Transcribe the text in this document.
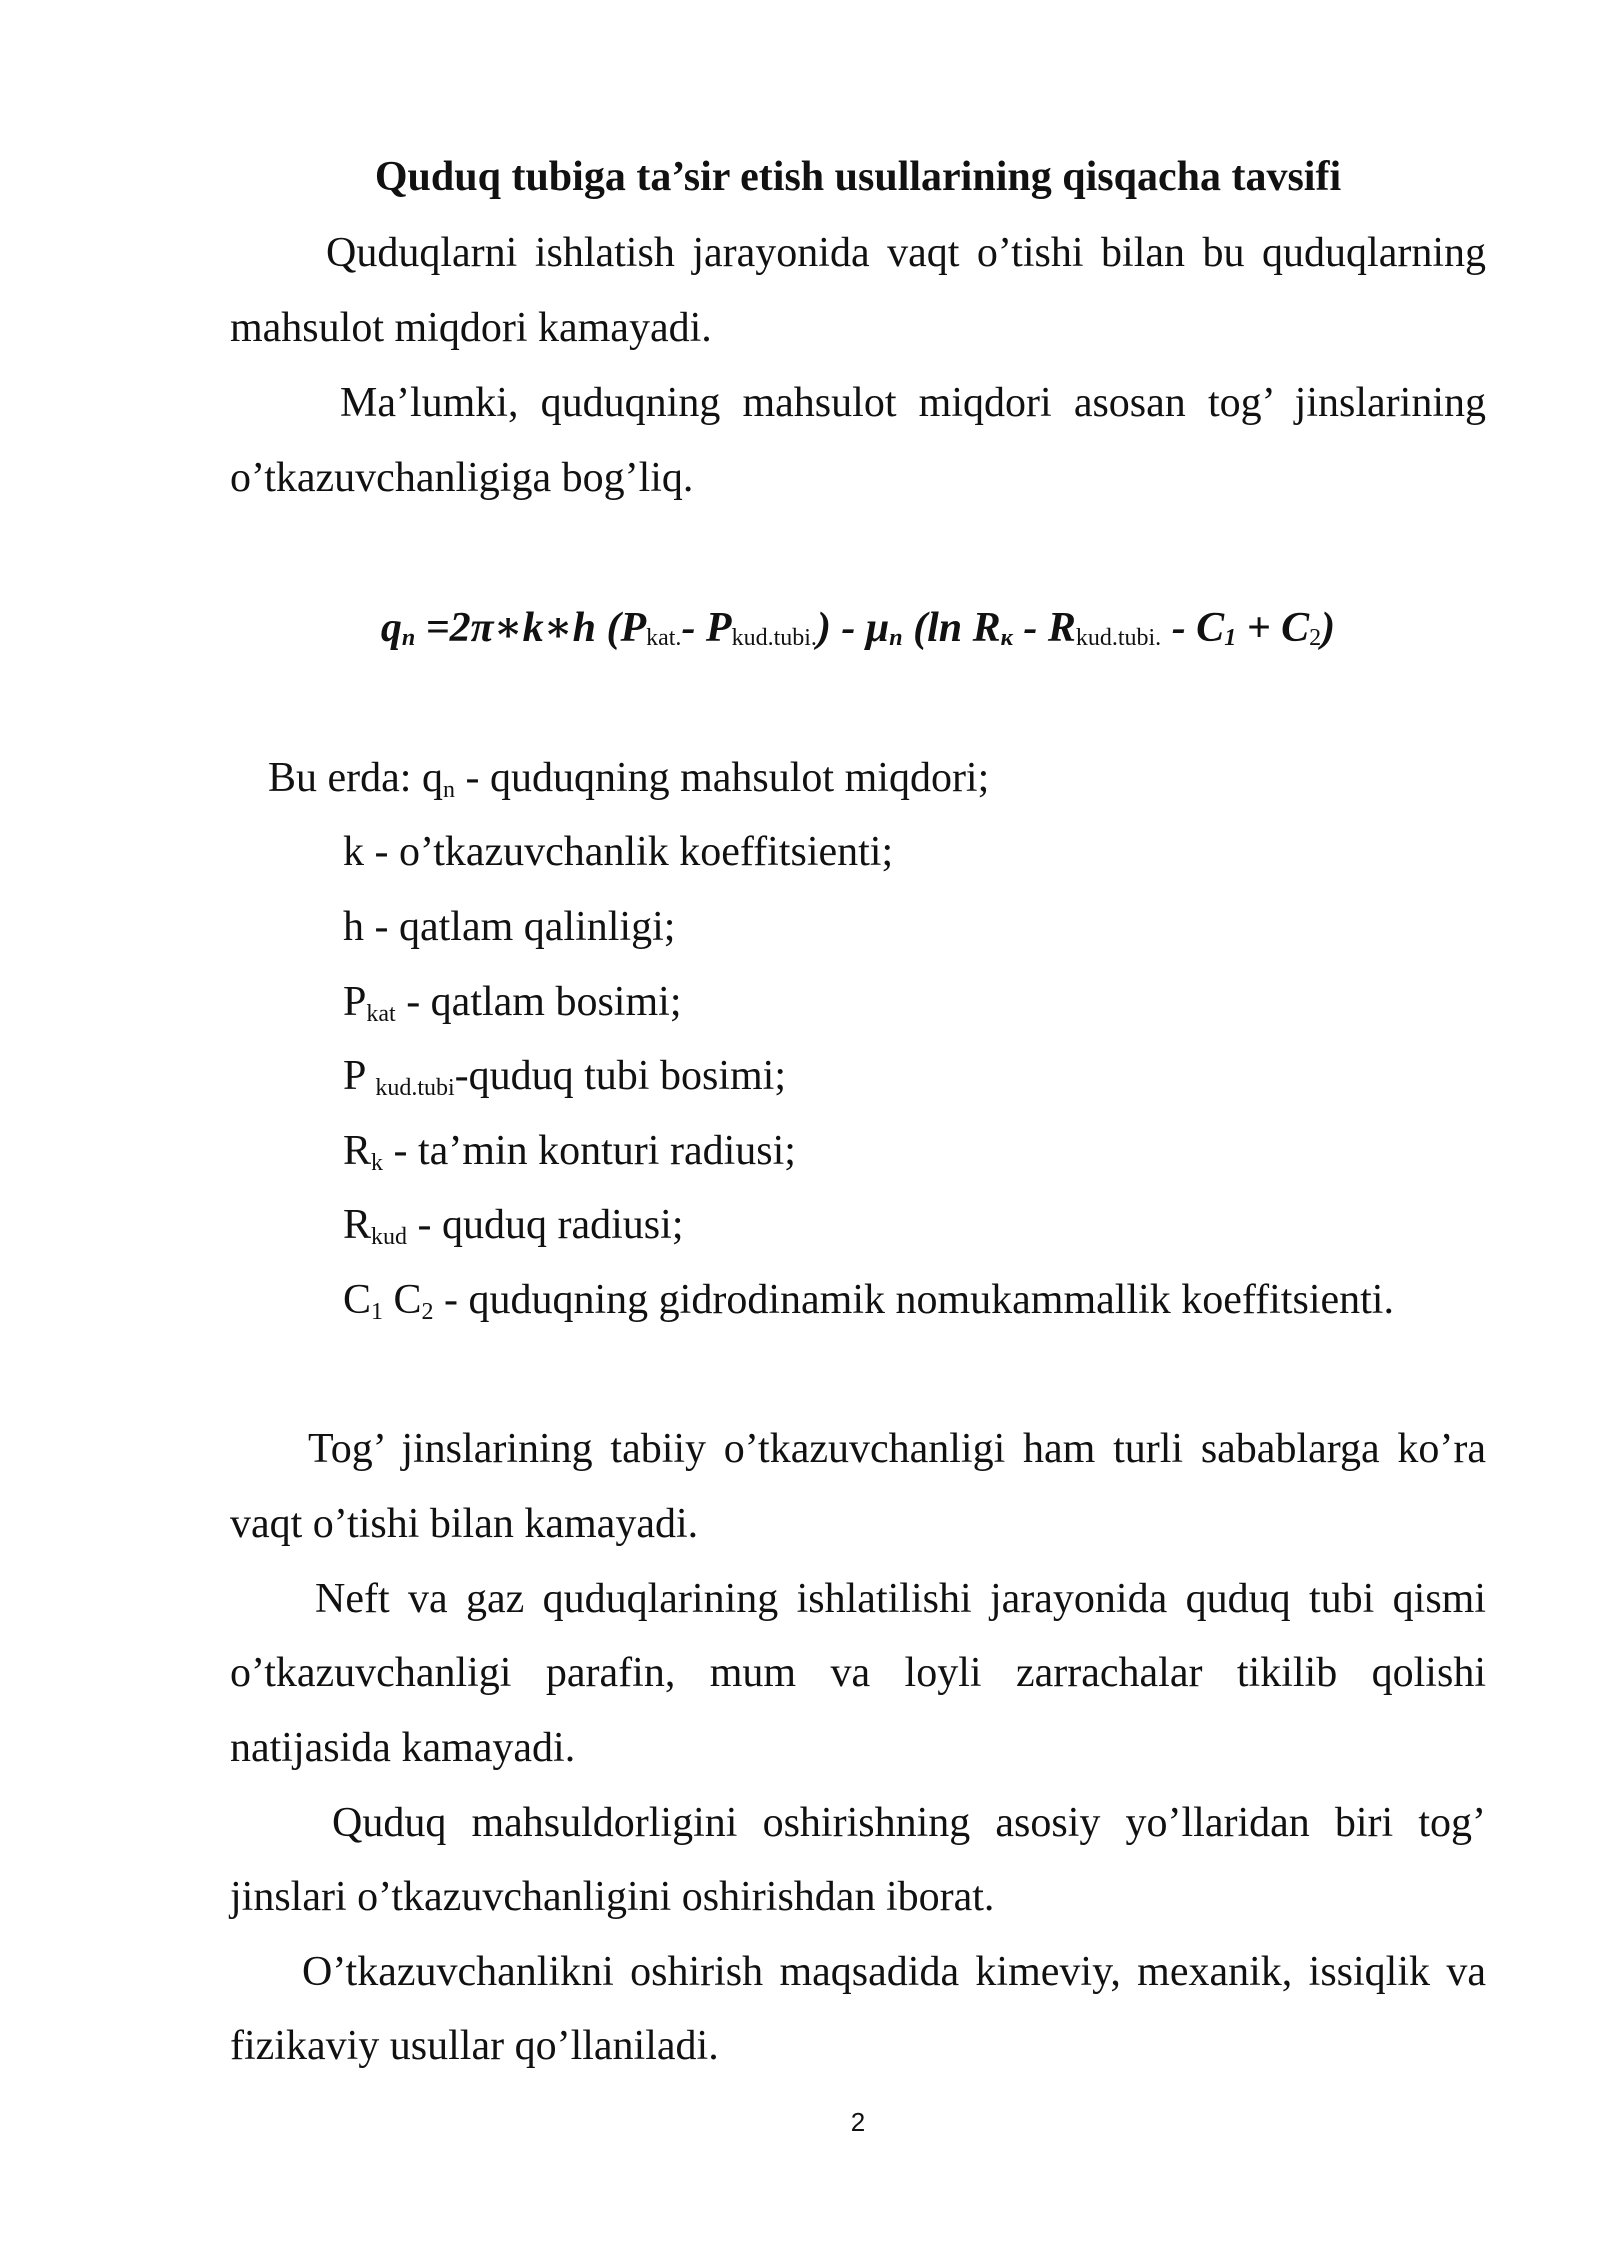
Quduq tubiga ta’sir etish usullarining qisqacha tavsifi
Quduqlarni ishlatish jarayonida vaqt o’tishi bilan bu quduqlarning
mahsulot miqdori kamayadi.
Ma’lumki, quduqning mahsulot miqdori asosan tog’ jinslarining
o’tkazuvchanligiga bog’liq.
$q_n$ =2π∗k∗h ($P_{kat.}-$ $P_{kud.tubi.}) - \mu_n$ (ln $R_к - R_{kud.tubi.} - C_1 + C_2$)
Bu erda: $q_n$ - quduqning mahsulot miqdori;
k - o’tkazuvchanlik koeffitsienti;
h - qatlam qalinligi;
$P_{kat}$ - qatlam bosimi;
P $_{kud.tubi}$-quduq tubi bosimi;
$R_k$ - ta’min konturi radiusi;
$R_{kud}$ - quduq radiusi;
$C_1$ $C_2$ - quduqning gidrodinamik nomukammallik koeffitsienti.
Tog’ jinslarining tabiiy o’tkazuvchanligi ham turli sabablarga ko’ra
vaqt o’tishi bilan kamayadi.
Neft va gaz quduqlarining ishlatilishi jarayonida quduq tubi qismi
o’tkazuvchanligi parafin, mum va loyli zarrachalar tikilib qolishi
natijasida kamayadi.
Quduq mahsuldorligini oshirishning asosiy yo’llaridan biri tog’
jinslari o’tkazuvchanligini oshirishdan iborat.
O’tkazuvchanlikni oshirish maqsadida kimeviy, mexanik, issiqlik va
fizikaviy usullar qo’llaniladi.
2
